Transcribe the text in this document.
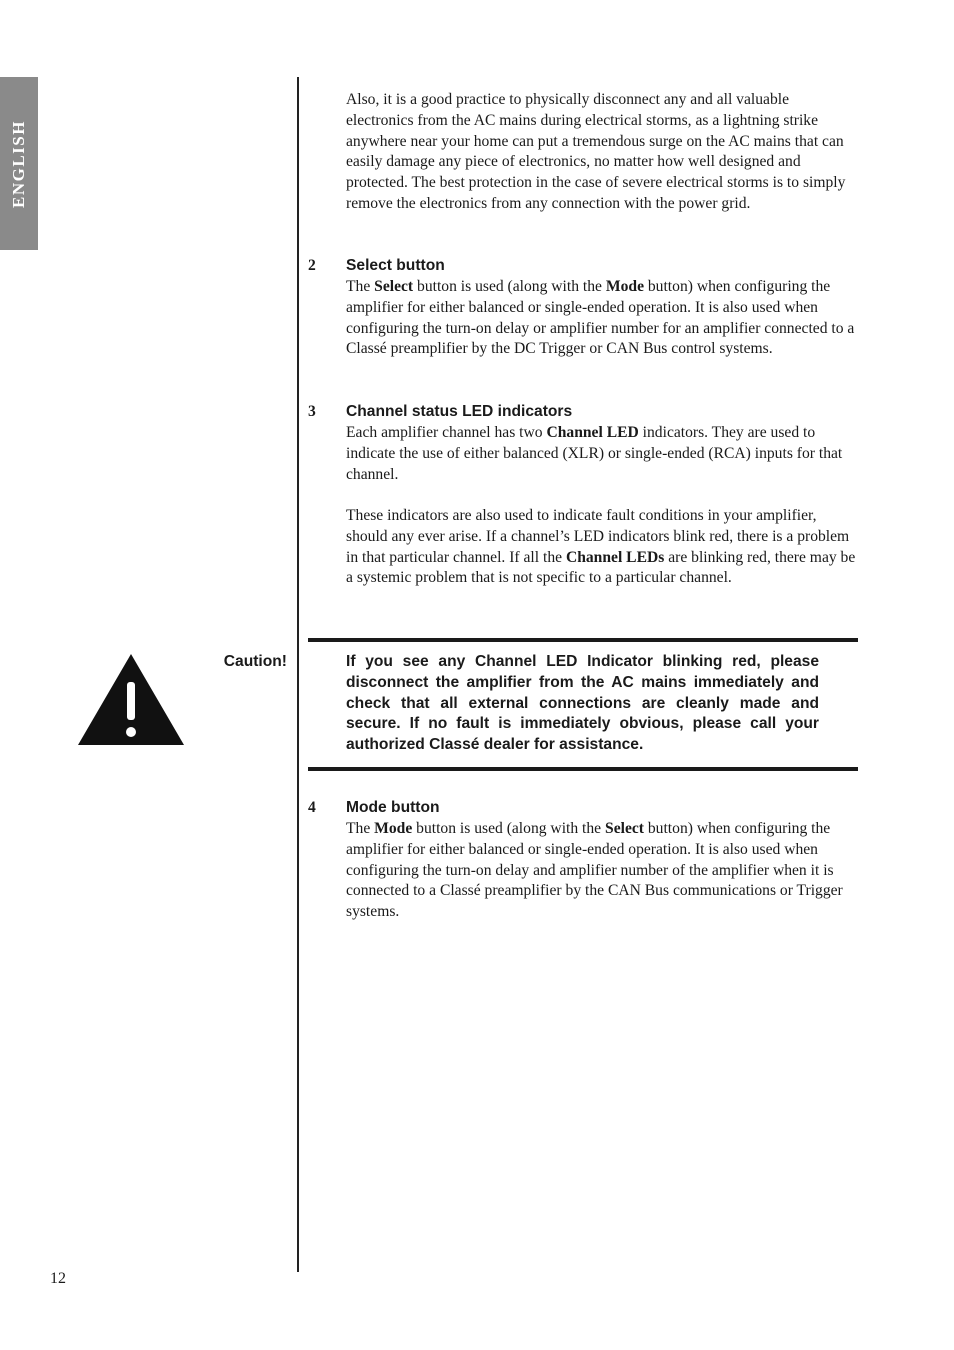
ENGLISH

Also, it is a good practice to physically disconnect any and all valuable electronics from the AC mains during electrical storms, as a lightning strike anywhere near your home can put a tremendous surge on the AC mains that can easily damage any piece of electronics, no matter how well designed and protected. The best protection in the case of severe electrical storms is to simply remove the electronics from any connection with the power grid.

2 Select button

The Select button is used (along with the Mode button) when configuring the amplifier for either balanced or single-ended operation. It is also used when configuring the turn-on delay or amplifier number for an amplifier connected to a Classé preamplifier by the DC Trigger or CAN Bus control systems.

3 Channel status LED indicators

Each amplifier channel has two Channel LED indicators. They are used to indicate the use of either balanced (XLR) or single-ended (RCA) inputs for that channel.

These indicators are also used to indicate fault conditions in your amplifier, should any ever arise. If a channel’s LED indicators blink red, there is a problem in that particular channel. If all the Channel LEDs are blinking red, there may be a systemic problem that is not specific to a particular channel.

Caution!	If you see any Channel LED Indicator blinking red, please disconnect the amplifier from the AC mains immediately and check that all external connections are cleanly made and secure. If no fault is immediately obvious, please call your authorized Classé dealer for assistance.

4 Mode button

The Mode button is used (along with the Select button) when configuring the amplifier for either balanced or single-ended operation. It is also used when configuring the turn-on delay and amplifier number of the amplifier when it is connected to a Classé preamplifier by the CAN Bus communications or Trigger systems.

12
